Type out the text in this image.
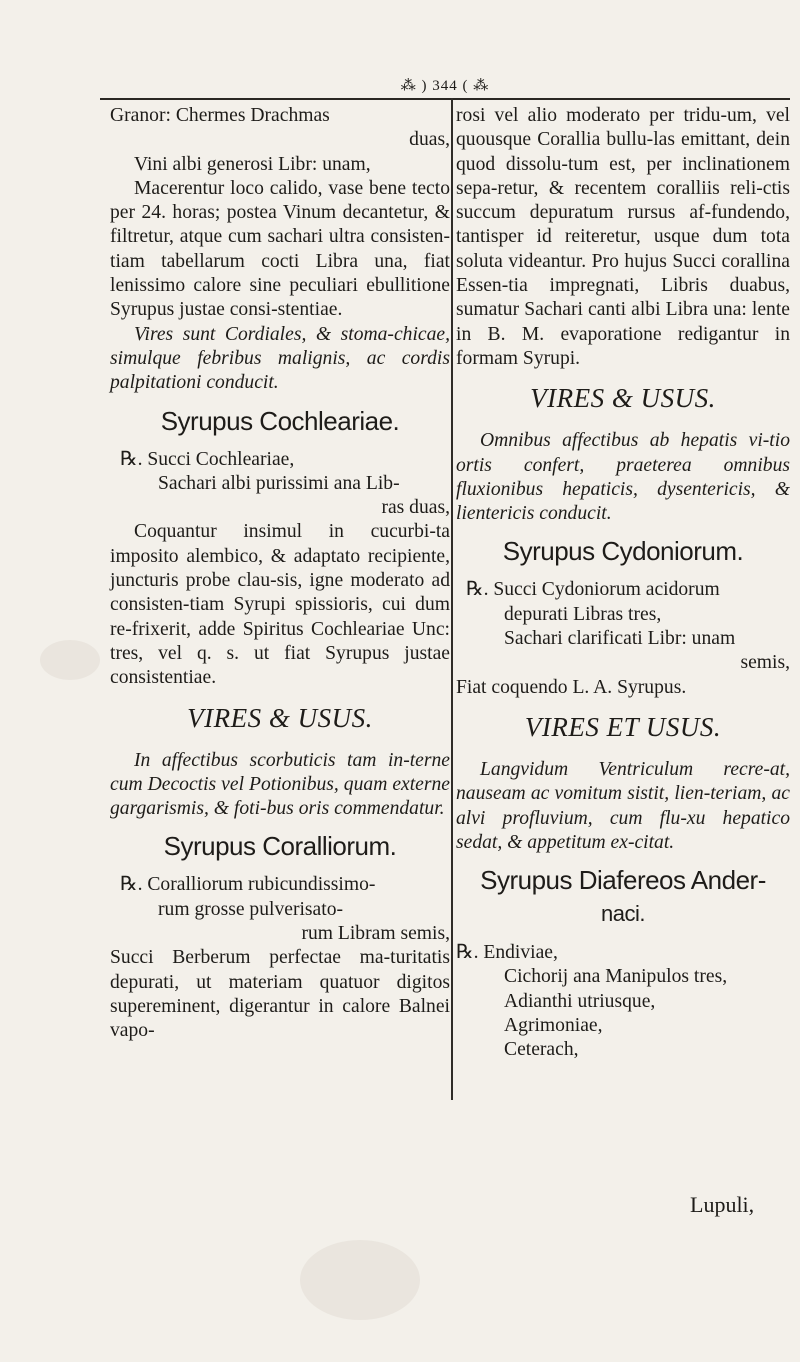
⁂ ) 344 ( ⁂

Granor: Chermes Drachmas

duas,

Vini albi generosi Libr: unam,

Macerentur loco calido, vase bene tecto per 24. horas; postea Vinum decantetur, & filtretur, atque cum sachari ultra consisten-tiam tabellarum cocti Libra una, fiat lenissimo calore sine peculiari ebullitione Syrupus justae consi-stentiae.

Vires sunt Cordiales, & stoma-chicae, simulque febribus malignis, ac cordis palpitationi conducit.

Syrupus Cochleariae.

℞. Succi Cochleariae,

Sachari albi purissimi ana Lib-

ras duas,

Coquantur insimul in cucurbi-ta imposito alembico, & adaptato recipiente, juncturis probe clau-sis, igne moderato ad consisten-tiam Syrupi spissioris, cui dum re-frixerit, adde Spiritus Cochleariae Unc: tres, vel q. s. ut fiat Syrupus justae consistentiae.

VIRES & USUS.

In affectibus scorbuticis tam in-terne cum Decoctis vel Potionibus, quam externe gargarismis, & foti-bus oris commendatur.

Syrupus Coralliorum.

℞. Coralliorum rubicundissimo-

rum grosse pulverisato-

rum Libram semis,

Succi Berberum perfectae ma-turitatis depurati, ut materiam quatuor digitos supereminent, digerantur in calore Balnei vapo-

rosi vel alio moderato per tridu-um, vel quousque Corallia bullu-las emittant, dein quod dissolu-tum est, per inclinationem sepa-retur, & recentem coralliis reli-ctis succum depuratum rursus af-fundendo, tantisper id reiteretur, usque dum tota soluta videantur. Pro hujus Succi corallina Essen-tia impregnati, Libris duabus, sumatur Sachari canti albi Libra una: lente in B. M. evaporatione redigantur in formam Syrupi.

VIRES & USUS.

Omnibus affectibus ab hepatis vi-tio ortis confert, praeterea omnibus fluxionibus hepaticis, dysentericis, & lientericis conducit.

Syrupus Cydoniorum.

℞. Succi Cydoniorum acidorum

depurati Libras tres,

Sachari clarificati Libr: unam

semis,

Fiat coquendo L. A. Syrupus.

VIRES ET USUS.

Langvidum Ventriculum recre-at, nauseam ac vomitum sistit, lien-teriam, ac alvi profluvium, cum flu-xu hepatico sedat, & appetitum ex-citat.

Syrupus Diafereos Ander-
naci.

℞. Endiviae,

Cichorij ana Manipulos tres,

Adianthi utriusque,

Agrimoniae,

Ceterach,

Lupuli,
